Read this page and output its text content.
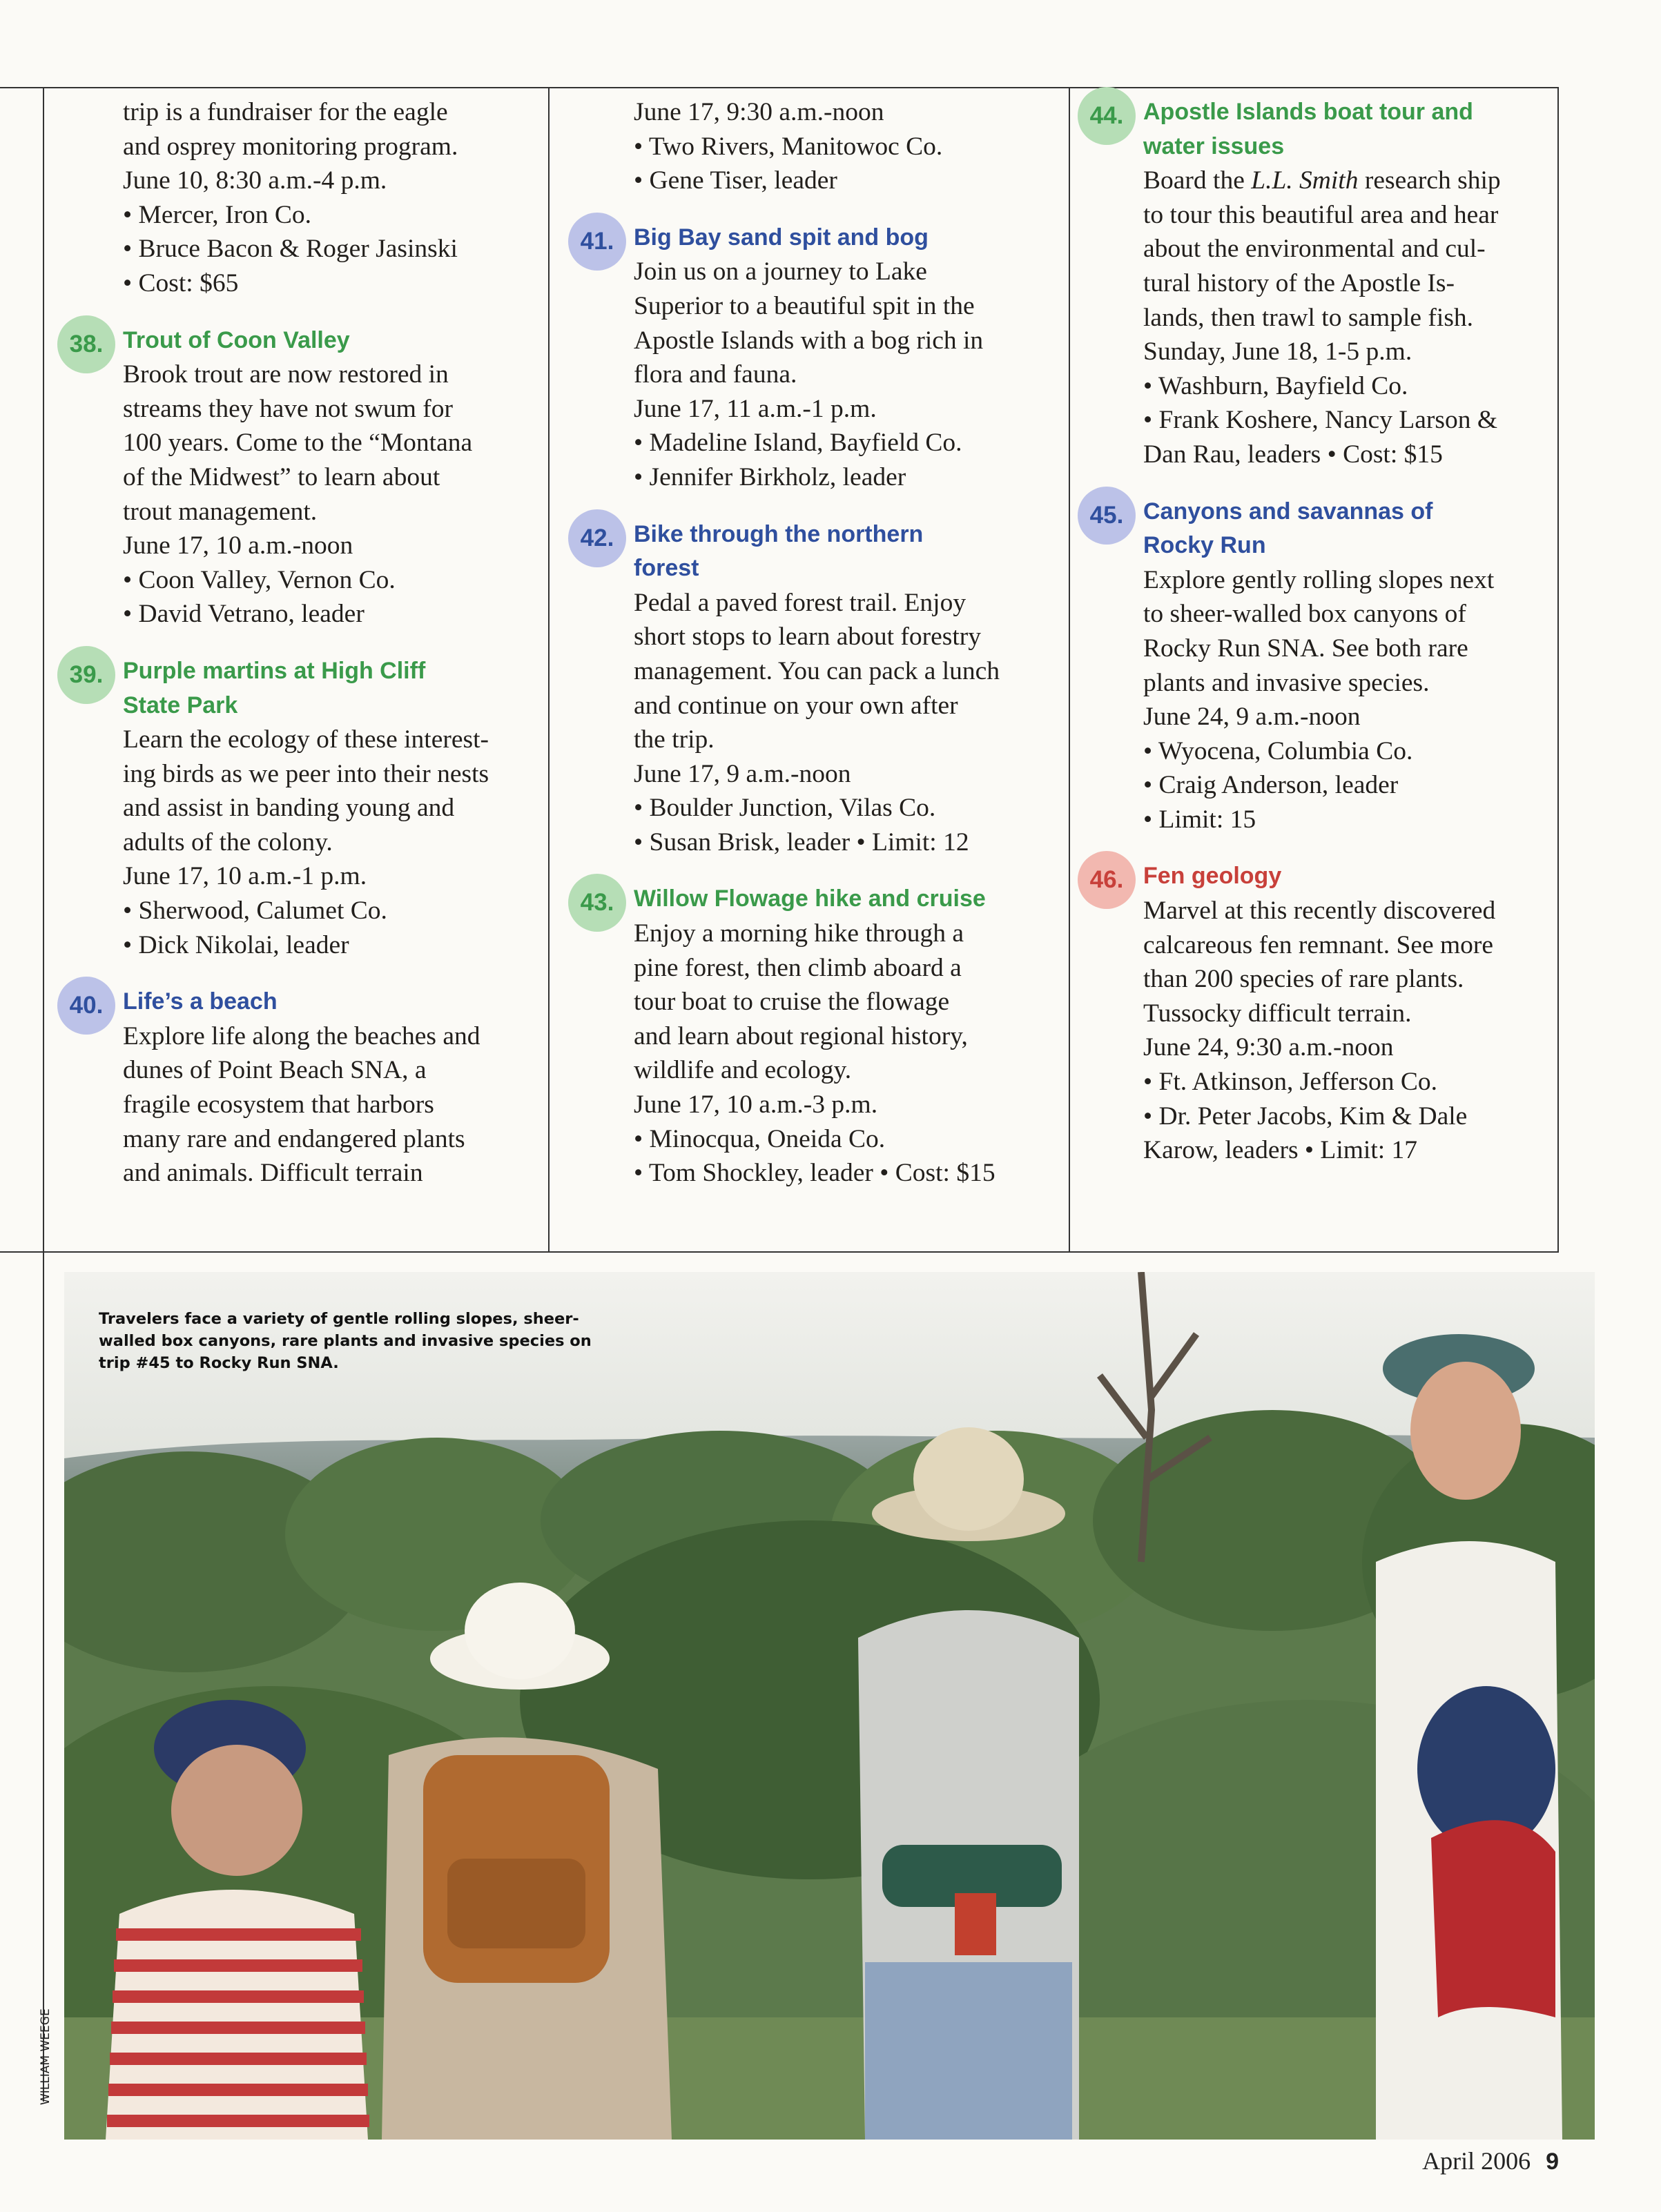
trip is a fundraiser for the eagle
and osprey monitoring program.
June 10, 8:30 a.m.-4 p.m.
• Mercer, Iron Co.
• Bruce Bacon & Roger Jasinski
• Cost: $65
38. Trout of Coon Valley
Brook trout are now restored in
streams they have not swum for
100 years. Come to the “Montana
of the Midwest” to learn about
trout management.
June 17, 10 a.m.-noon
• Coon Valley, Vernon Co.
• David Vetrano, leader
39. Purple martins at High Cliff
State Park
Learn the ecology of these interest-
ing birds as we peer into their nests
and assist in banding young and
adults of the colony.
June 17, 10 a.m.-1 p.m.
• Sherwood, Calumet Co.
• Dick Nikolai, leader
40. Life’s a beach
Explore life along the beaches and
dunes of Point Beach SNA, a
fragile ecosystem that harbors
many rare and endangered plants
and animals. Difficult terrain
June 17, 9:30 a.m.-noon
• Two Rivers, Manitowoc Co.
• Gene Tiser, leader
41. Big Bay sand spit and bog
Join us on a journey to Lake
Superior to a beautiful spit in the
Apostle Islands with a bog rich in
flora and fauna.
June 17, 11 a.m.-1 p.m.
• Madeline Island, Bayfield Co.
• Jennifer Birkholz, leader
42. Bike through the northern
forest
Pedal a paved forest trail. Enjoy
short stops to learn about forestry
management. You can pack a lunch
and continue on your own after
the trip.
June 17, 9 a.m.-noon
• Boulder Junction, Vilas Co.
• Susan Brisk, leader • Limit: 12
43. Willow Flowage hike and cruise
Enjoy a morning hike through a
pine forest, then climb aboard a
tour boat to cruise the flowage
and learn about regional history,
wildlife and ecology.
June 17, 10 a.m.-3 p.m.
• Minocqua, Oneida Co.
• Tom Shockley, leader • Cost: $15
44. Apostle Islands boat tour and
water issues
Board the L.L. Smith research ship
to tour this beautiful area and hear
about the environmental and cul-
tural history of the Apostle Is-
lands, then trawl to sample fish.
Sunday, June 18, 1-5 p.m.
• Washburn, Bayfield Co.
• Frank Koshere, Nancy Larson &
Dan Rau, leaders • Cost: $15
45. Canyons and savannas of
Rocky Run
Explore gently rolling slopes next
to sheer-walled box canyons of
Rocky Run SNA. See both rare
plants and invasive species.
June 24, 9 a.m.-noon
• Wyocena, Columbia Co.
• Craig Anderson, leader
• Limit: 15
46. Fen geology
Marvel at this recently discovered
calcareous fen remnant. See more
than 200 species of rare plants.
Tussocky difficult terrain.
June 24, 9:30 a.m.-noon
• Ft. Atkinson, Jefferson Co.
• Dr. Peter Jacobs, Kim & Dale
Karow, leaders • Limit: 17
Travelers face a variety of gentle rolling slopes, sheer-walled box canyons, rare plants and invasive species on trip #45 to Rocky Run SNA.
WILLIAM WEEGE
April 2006 9
